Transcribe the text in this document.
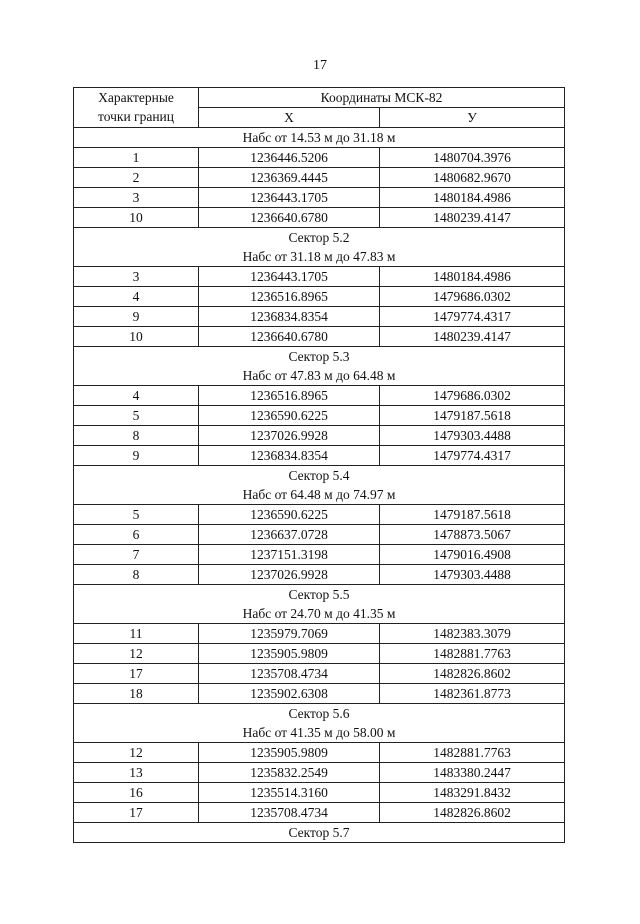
17
Характерные	Координаты МСК-82	
точки границ	Х	У
Набс от 14.53 м до 31.18 м		
1	1236446.5206	1480704.3976
2	1236369.4445	1480682.9670
3	1236443.1705	1480184.4986
10	1236640.6780	1480239.4147
Сектор 5.2		
Набс от 31.18 м до 47.83 м		
3	1236443.1705	1480184.4986
4	1236516.8965	1479686.0302
9	1236834.8354	1479774.4317
10	1236640.6780	1480239.4147
Сектор 5.3		
Набс от 47.83 м до 64.48 м		
4	1236516.8965	1479686.0302
5	1236590.6225	1479187.5618
8	1237026.9928	1479303.4488
9	1236834.8354	1479774.4317
Сектор 5.4		
Набс от 64.48 м до 74.97 м		
5	1236590.6225	1479187.5618
6	1236637.0728	1478873.5067
7	1237151.3198	1479016.4908
8	1237026.9928	1479303.4488
Сектор 5.5		
Набс от 24.70 м до 41.35 м		
11	1235979.7069	1482383.3079
12	1235905.9809	1482881.7763
17	1235708.4734	1482826.8602
18	1235902.6308	1482361.8773
Сектор 5.6		
Набс от 41.35 м до 58.00 м		
12	1235905.9809	1482881.7763
13	1235832.2549	1483380.2447
16	1235514.3160	1483291.8432
17	1235708.4734	1482826.8602
Сектор 5.7		
